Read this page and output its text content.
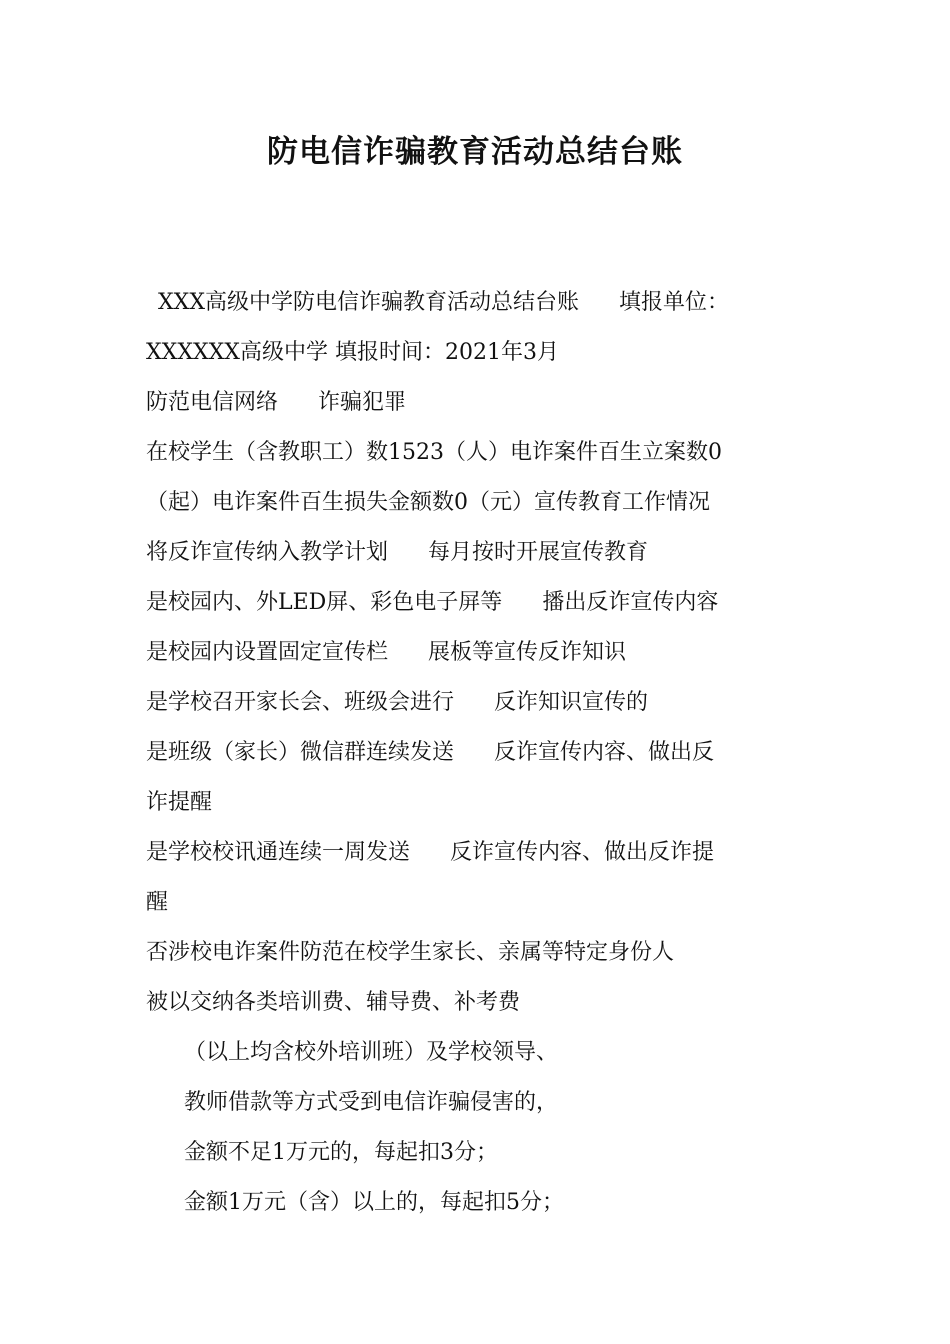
防电信诈骗教育活动总结台账

XXX高级中学防电信诈骗教育活动总结台账 填报单位：

XXXXXX高级中学 填报时间：2021年3月

防范电信网络 诈骗犯罪

在校学生（含教职工）数1523（人）电诈案件百生立案数0

（起）电诈案件百生损失金额数0（元）宣传教育工作情况

将反诈宣传纳入教学计划 每月按时开展宣传教育

是校园内、外LED屏、彩色电子屏等 播出反诈宣传内容

是校园内设置固定宣传栏 展板等宣传反诈知识

是学校召开家长会、班级会进行 反诈知识宣传的

是班级（家长）微信群连续发送 反诈宣传内容、做出反

诈提醒

是学校校讯通连续一周发送 反诈宣传内容、做出反诈提

醒

否涉校电诈案件防范在校学生家长、亲属等特定身份人

被以交纳各类培训费、辅导费、补考费

（以上均含校外培训班）及学校领导、

教师借款等方式受到电信诈骗侵害的，

金额不足1万元的，每起扣3分；

金额1万元（含）以上的，每起扣5分；
